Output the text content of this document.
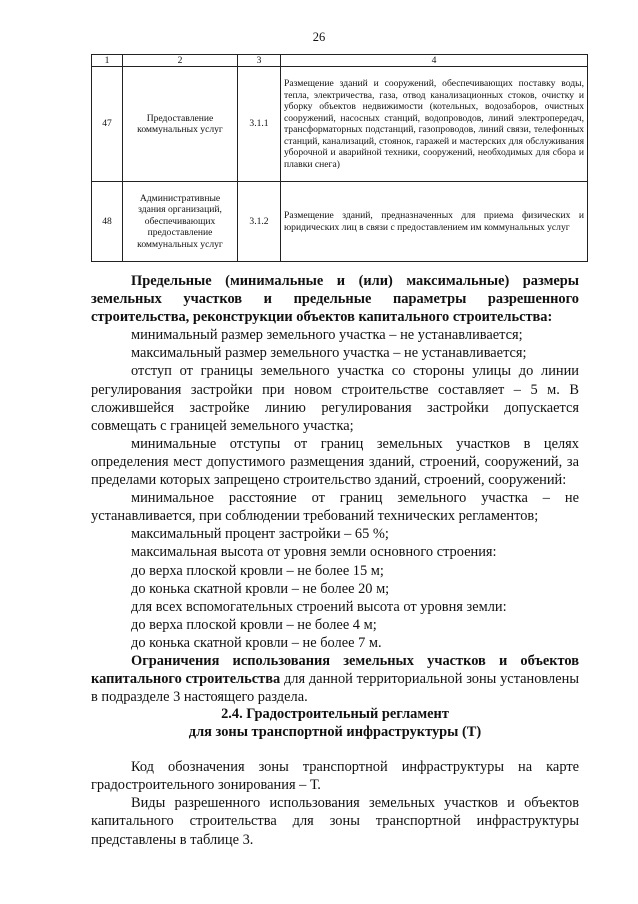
26
1	2	3	4
47	Предоставление коммунальных услуг	3.1.1	Размещение зданий и сооружений, обеспечивающих поставку воды, тепла, электричества, газа, отвод канализационных стоков, очистку и уборку объектов недвижимости (котельных, водозаборов, очистных сооружений, насосных станций, водопроводов, линий электропередач, трансформаторных подстанций, газопроводов, линий связи, телефонных станций, канализаций, стоянок, гаражей и мастерских для обслуживания уборочной и аварийной техники, сооружений, необходимых для сбора и плавки снега)
48	Административные здания организаций, обеспечивающих предоставление коммунальных услуг	3.1.2	Размещение зданий, предназначенных для приема физических и юридических лиц в связи с предоставлением им коммунальных услуг

Предельные (минимальные и (или) максимальные) размеры земельных участков и предельные параметры разрешенного строительства, реконструкции объектов капитального строительства:

минимальный размер земельного участка – не устанавливается;

максимальный размер земельного участка – не устанавливается;

отступ от границы земельного участка со стороны улицы до линии регулирования застройки при новом строительстве составляет – 5 м. В сложившейся застройке линию регулирования застройки допускается совмещать с границей земельного участка;

минимальные отступы от границ земельных участков в целях определения мест допустимого размещения зданий, строений, сооружений, за пределами которых запрещено строительство зданий, строений, сооружений:

минимальное расстояние от границ земельного участка – не устанавливается, при соблюдении требований технических регламентов;

максимальный процент застройки – 65 %;

максимальная высота от уровня земли основного строения:

до верха плоской кровли – не более 15 м;

до конька скатной кровли – не более 20 м;

для всех вспомогательных строений высота от уровня земли:

до верха плоской кровли – не более 4 м;

до конька скатной кровли – не более 7 м.

Ограничения использования земельных участков и объектов капитального строительства для данной территориальной зоны установлены в подразделе 3 настоящего раздела.

2.4. Градостроительный регламент

для зоны транспортной инфраструктуры (Т)

Код обозначения зоны транспортной инфраструктуры на карте градостроительного зонирования – Т.

Виды разрешенного использования земельных участков и объектов капитального строительства для зоны транспортной инфраструктуры представлены в таблице 3.
